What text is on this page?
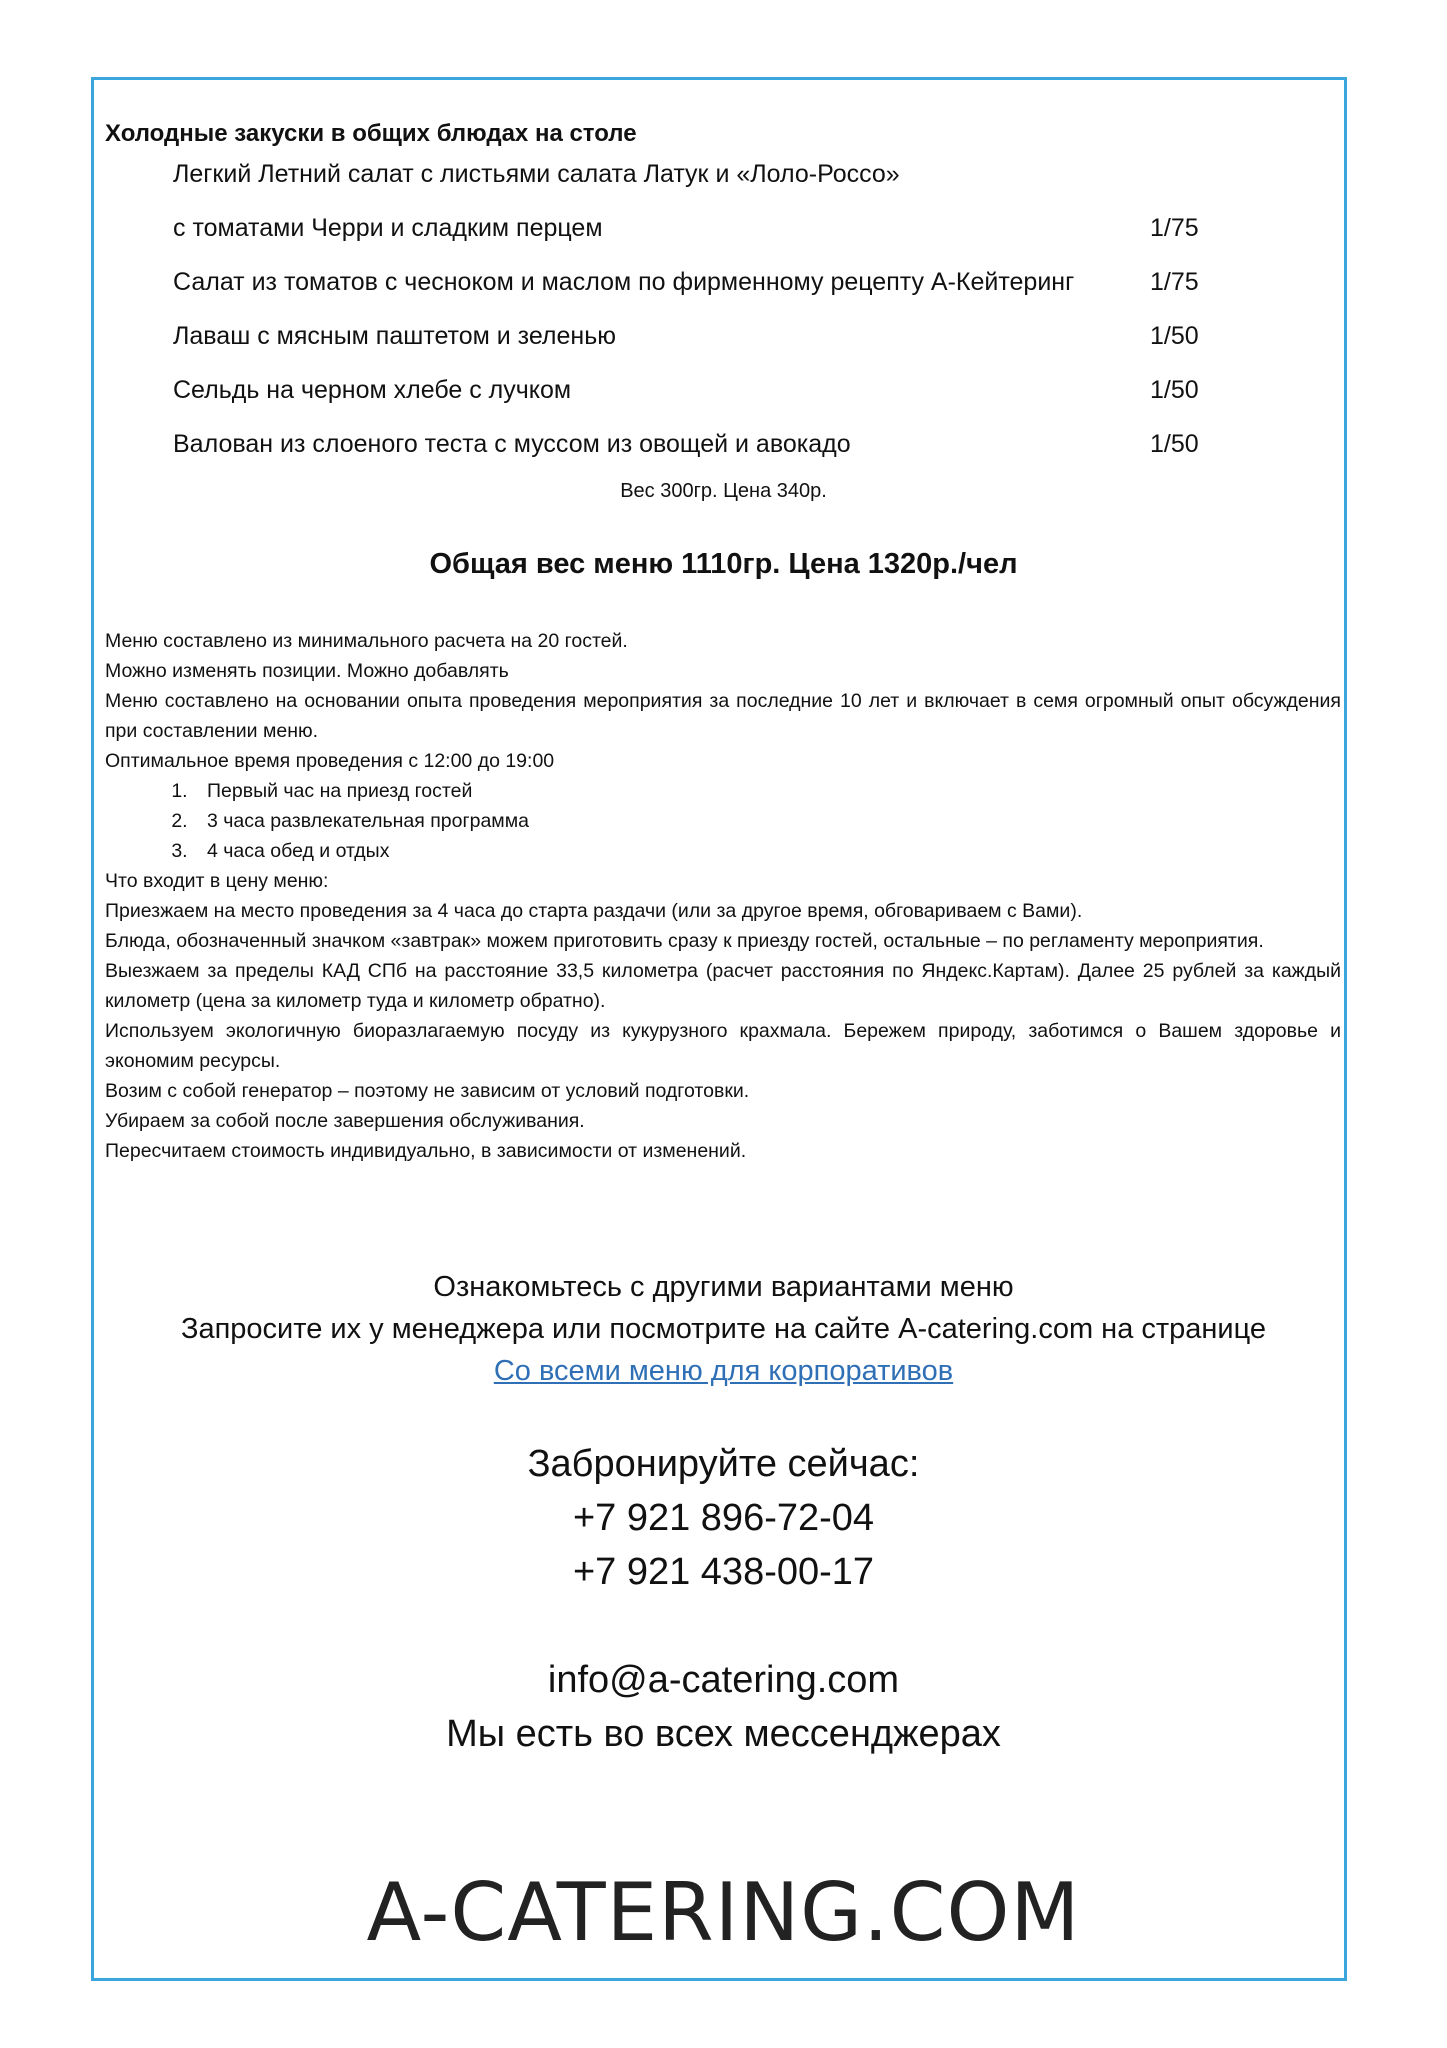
Холодные закуски в общих блюдах на столе
Легкий Летний салат с листьями салата Латук и «Лоло-Россо»
с томатами Черри и сладким перцем	1/75
Салат из томатов с чесноком и маслом по фирменному рецепту А-Кейтеринг	1/75
Лаваш с мясным паштетом и зеленью	1/50
Сельдь на черном хлебе с лучком	1/50
Валован из слоеного теста с муссом из овощей и авокадо	1/50
Вес 300гр. Цена 340р.
Общая вес меню 1110гр. Цена 1320р./чел

Меню составлено из минимального расчета на 20 гостей.

Можно изменять позиции. Можно добавлять

Меню составлено на основании опыта проведения мероприятия за последние 10 лет и включает в семя огромный опыт обсуждения при составлении меню.

Оптимальное время проведения с 12:00 до 19:00

1. Первый час на приезд гостей
2. 3 часа развлекательная программа
3. 4 часа обед и отдых

Что входит в цену меню:

Приезжаем на место проведения за 4 часа до старта раздачи (или за другое время, обговариваем с Вами).

Блюда, обозначенный значком «завтрак» можем приготовить сразу к приезду гостей, остальные – по регламенту мероприятия.

Выезжаем за пределы КАД СПб на расстояние 33,5 километра (расчет расстояния по Яндекс.Картам). Далее 25 рублей за каждый километр (цена за километр туда и километр обратно).

Используем экологичную биоразлагаемую посуду из кукурузного крахмала. Бережем природу, заботимся о Вашем здоровье и экономим ресурсы.

Возим с собой генератор – поэтому не зависим от условий подготовки.

Убираем за собой после завершения обслуживания.

Пересчитаем стоимость индивидуально, в зависимости от изменений.

Ознакомьтесь с другими вариантами меню
Запросите их у менеджера или посмотрите на сайте A-catering.com на странице
Со всеми меню для корпоративов
Забронируйте сейчас:
+7 921 896-72-04
+7 921 438-00-17
info@a-catering.com
Мы есть во всех мессенджерах
A-CATERING.COM
